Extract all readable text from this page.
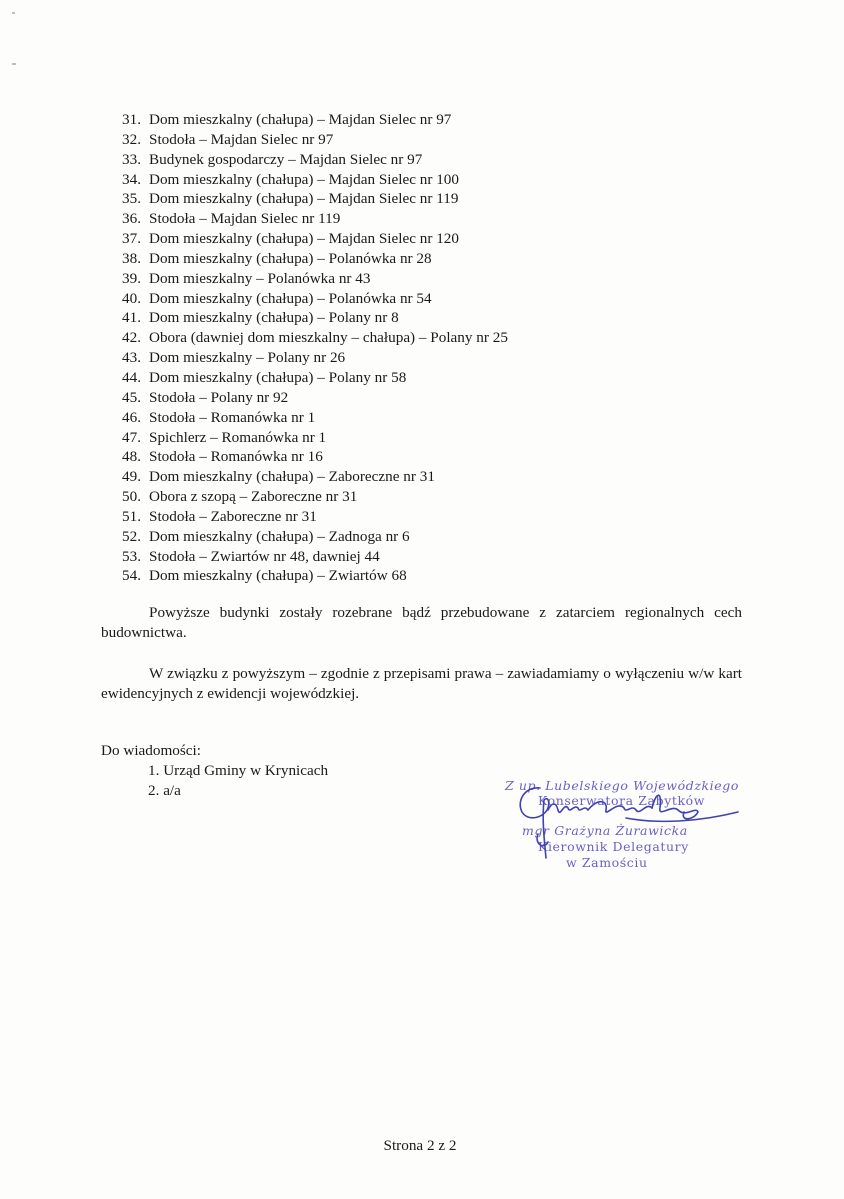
31. Dom mieszkalny (chałupa) – Majdan Sielec nr 97
32. Stodoła – Majdan Sielec nr 97
33. Budynek gospodarczy – Majdan Sielec nr 97
34. Dom mieszkalny (chałupa) – Majdan Sielec nr 100
35. Dom mieszkalny (chałupa) – Majdan Sielec nr 119
36. Stodoła – Majdan Sielec nr 119
37. Dom mieszkalny (chałupa) – Majdan Sielec nr 120
38. Dom mieszkalny (chałupa) – Polanówka nr 28
39. Dom mieszkalny – Polanówka nr 43
40. Dom mieszkalny (chałupa) – Polanówka nr 54
41. Dom mieszkalny (chałupa) – Polany nr 8
42. Obora (dawniej dom mieszkalny – chałupa) – Polany nr 25
43. Dom mieszkalny – Polany nr 26
44. Dom mieszkalny (chałupa) – Polany nr 58
45. Stodoła – Polany nr 92
46. Stodoła – Romanówka nr 1
47. Spichlerz – Romanówka nr 1
48. Stodoła – Romanówka nr 16
49. Dom mieszkalny (chałupa) – Zaboreczne nr 31
50. Obora z szopą – Zaboreczne nr 31
51. Stodoła – Zaboreczne nr 31
52. Dom mieszkalny (chałupa) – Zadnoga nr 6
53. Stodoła – Zwiartów nr 48, dawniej 44
54. Dom mieszkalny (chałupa) – Zwiartów 68

Powyższe budynki zostały rozebrane bądź przebudowane z zatarciem regionalnych cech budownictwa.

W związku z powyższym – zgodnie z przepisami prawa – zawiadamiamy o wyłączeniu w/w kart ewidencyjnych z ewidencji wojewódzkiej.

Do wiadomości:

1. Urząd Gminy w Krynicach
2. a/a	Z up. Lubelskiego Wojewódzkiego
Konserwatora Zabytków
mgr Grażyna Żurawicka
Kierownik Delegatury
w Zamościu
Strona 2 z 2
